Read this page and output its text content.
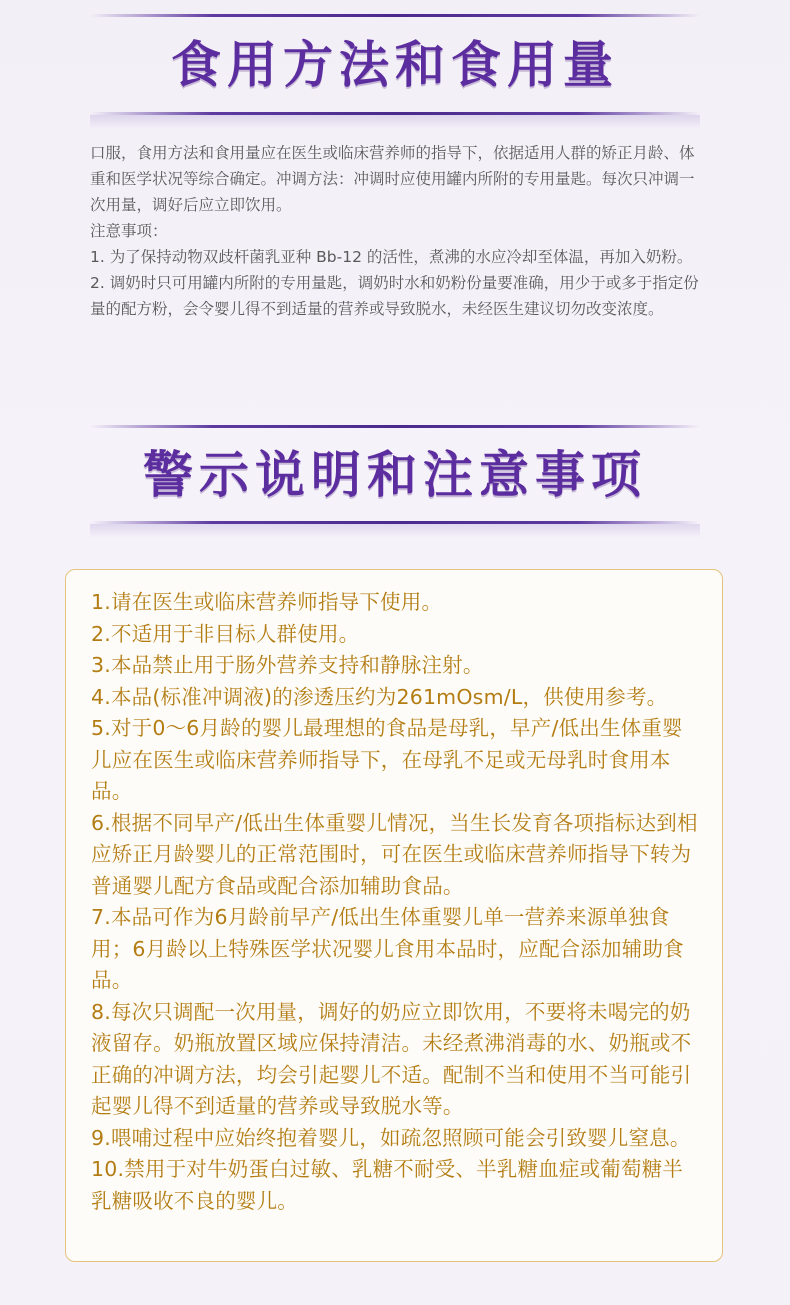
食用方法和食用量

口服，食用方法和食用量应在医生或临床营养师的指导下，依据适用人群的矫正月龄、体重和医学状况等综合确定。冲调方法：冲调时应使用罐内所附的专用量匙。每次只冲调一次用量，调好后应立即饮用。

注意事项：

1. 为了保持动物双歧杆菌乳亚种 Bb-12 的活性，煮沸的水应冷却至体温，再加入奶粉。

2. 调奶时只可用罐内所附的专用量匙，调奶时水和奶粉份量要准确，用少于或多于指定份量的配方粉，会令婴儿得不到适量的营养或导致脱水，未经医生建议切勿改变浓度。

警示说明和注意事项

1.请在医生或临床营养师指导下使用。

2.不适用于非目标人群使用。

3.本品禁止用于肠外营养支持和静脉注射。

4.本品(标准冲调液)的渗透压约为261mOsm/L，供使用参考。

5.对于0～6月龄的婴儿最理想的食品是母乳，早产/低出生体重婴儿应在医生或临床营养师指导下，在母乳不足或无母乳时食用本品。

6.根据不同早产/低出生体重婴儿情况，当生长发育各项指标达到相应矫正月龄婴儿的正常范围时，可在医生或临床营养师指导下转为普通婴儿配方食品或配合添加辅助食品。

7.本品可作为6月龄前早产/低出生体重婴儿单一营养来源单独食用；6月龄以上特殊医学状况婴儿食用本品时，应配合添加辅助食品。

8.每次只调配一次用量，调好的奶应立即饮用，不要将未喝完的奶液留存。奶瓶放置区域应保持清洁。未经煮沸消毒的水、奶瓶或不正确的冲调方法，均会引起婴儿不适。配制不当和使用不当可能引起婴儿得不到适量的营养或导致脱水等。

9.喂哺过程中应始终抱着婴儿，如疏忽照顾可能会引致婴儿窒息。

10.禁用于对牛奶蛋白过敏、乳糖不耐受、半乳糖血症或葡萄糖半乳糖吸收不良的婴儿。
